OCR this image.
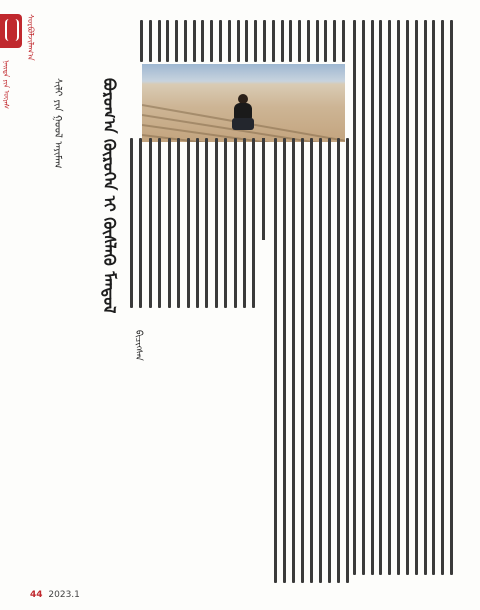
ᠰᠤᠷᠪᠤᠯᠵᠢᠯᠠᠭ᠎ᠠ
ᠨᠡᠢᠲᠡ ᠶᠢᠨ ᠦᠶᠡᠰ	ᠪᠣᠷᠣᠭ᠎ᠠ ᠬᠥᠷᠦᠭᠡᠨ ᠢ ᠬᠥᠰᠯᠡᠬᠦ ᠮᠠᠨᠳᠤᠯ
ᠰᠢᠯᠢ ᠶᠢᠨ ᠭᠣᠣᠯ ᠠᠶᠢᠮᠠᠭ
ᠪᠢᠴᠢᠭᠰᠡᠨ
44 2023.1
